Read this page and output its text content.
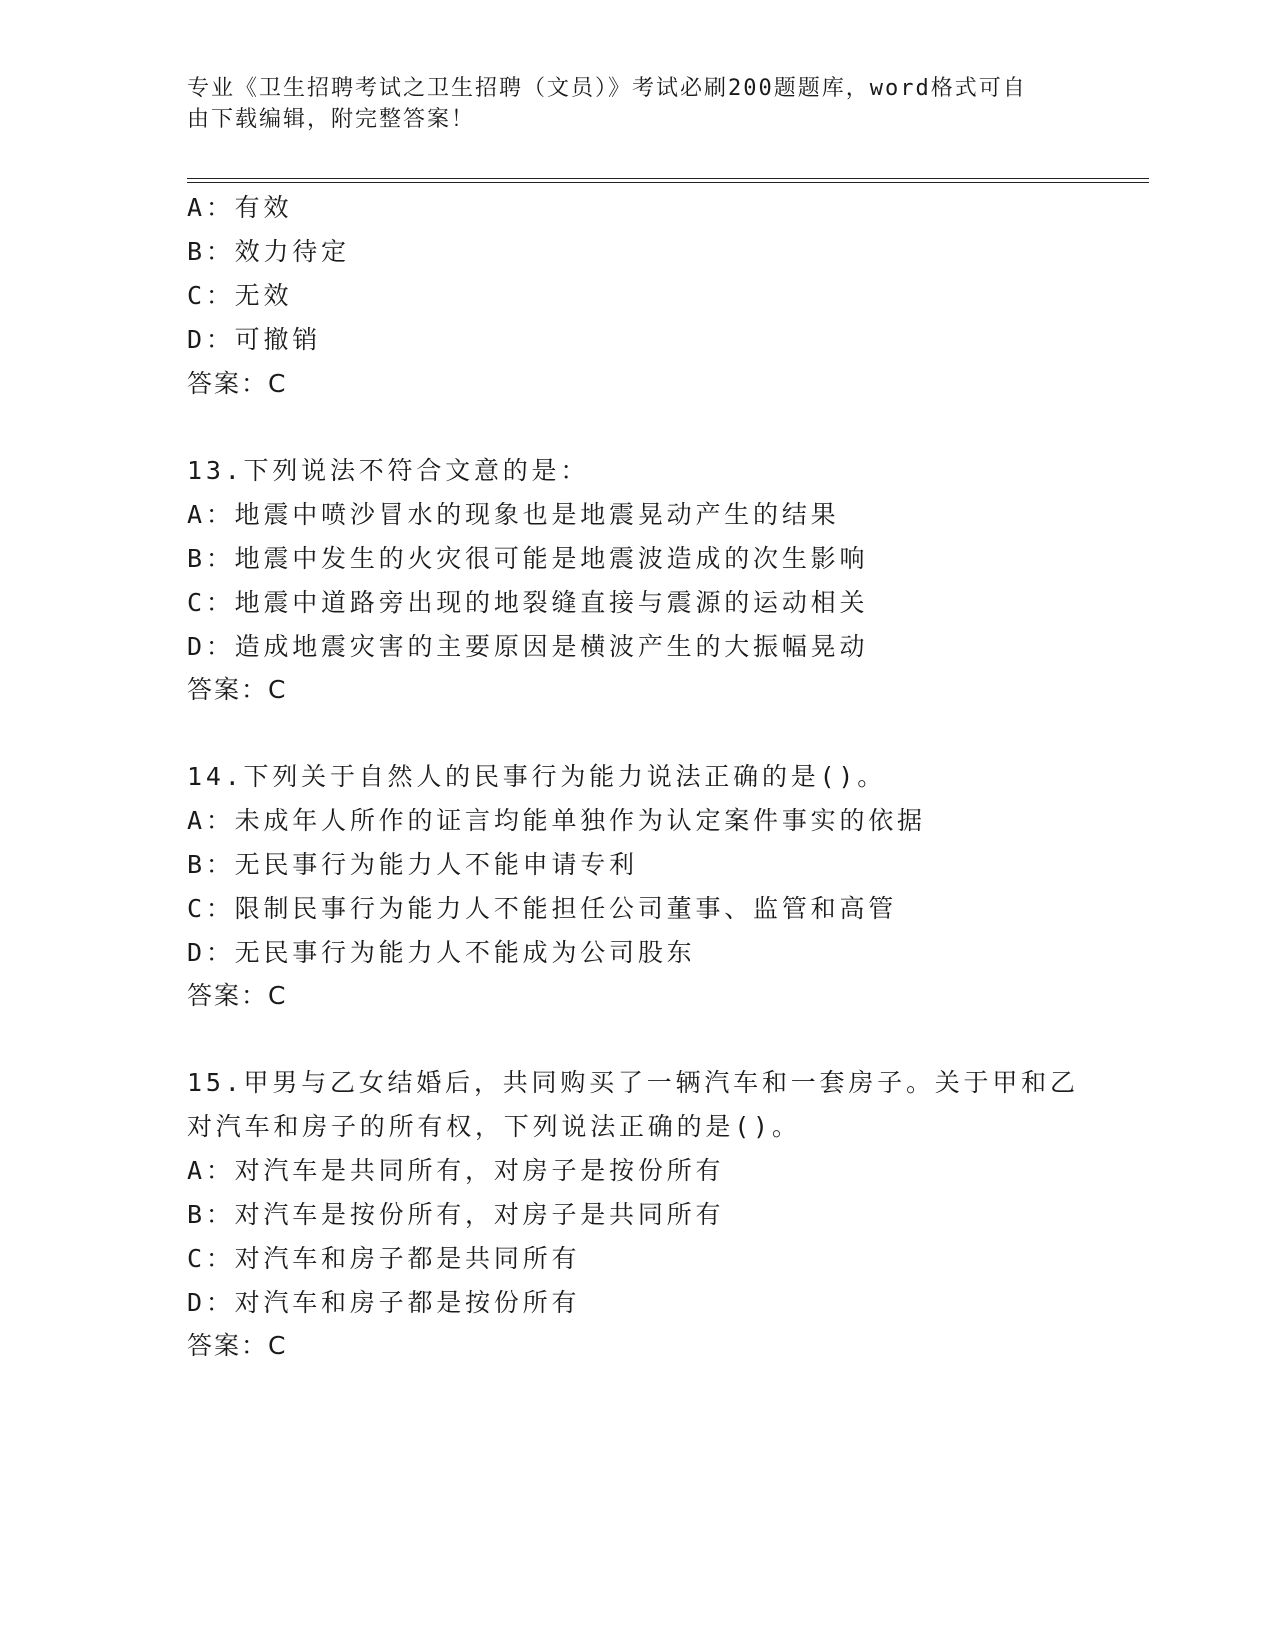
专业《卫生招聘考试之卫生招聘（文员）》考试必刷200题题库，word格式可自
由下载编辑，附完整答案！
A：有效
B：效力待定
C：无效
D：可撤销
答案：C
13.下列说法不符合文意的是：
A：地震中喷沙冒水的现象也是地震晃动产生的结果
B：地震中发生的火灾很可能是地震波造成的次生影响
C：地震中道路旁出现的地裂缝直接与震源的运动相关
D：造成地震灾害的主要原因是横波产生的大振幅晃动
答案：C
14.下列关于自然人的民事行为能力说法正确的是()。
A：未成年人所作的证言均能单独作为认定案件事实的依据
B：无民事行为能力人不能申请专利
C：限制民事行为能力人不能担任公司董事、监管和高管
D：无民事行为能力人不能成为公司股东
答案：C
15.甲男与乙女结婚后，共同购买了一辆汽车和一套房子。关于甲和乙
对汽车和房子的所有权，下列说法正确的是()。
A：对汽车是共同所有，对房子是按份所有
B：对汽车是按份所有，对房子是共同所有
C：对汽车和房子都是共同所有
D：对汽车和房子都是按份所有
答案：C
